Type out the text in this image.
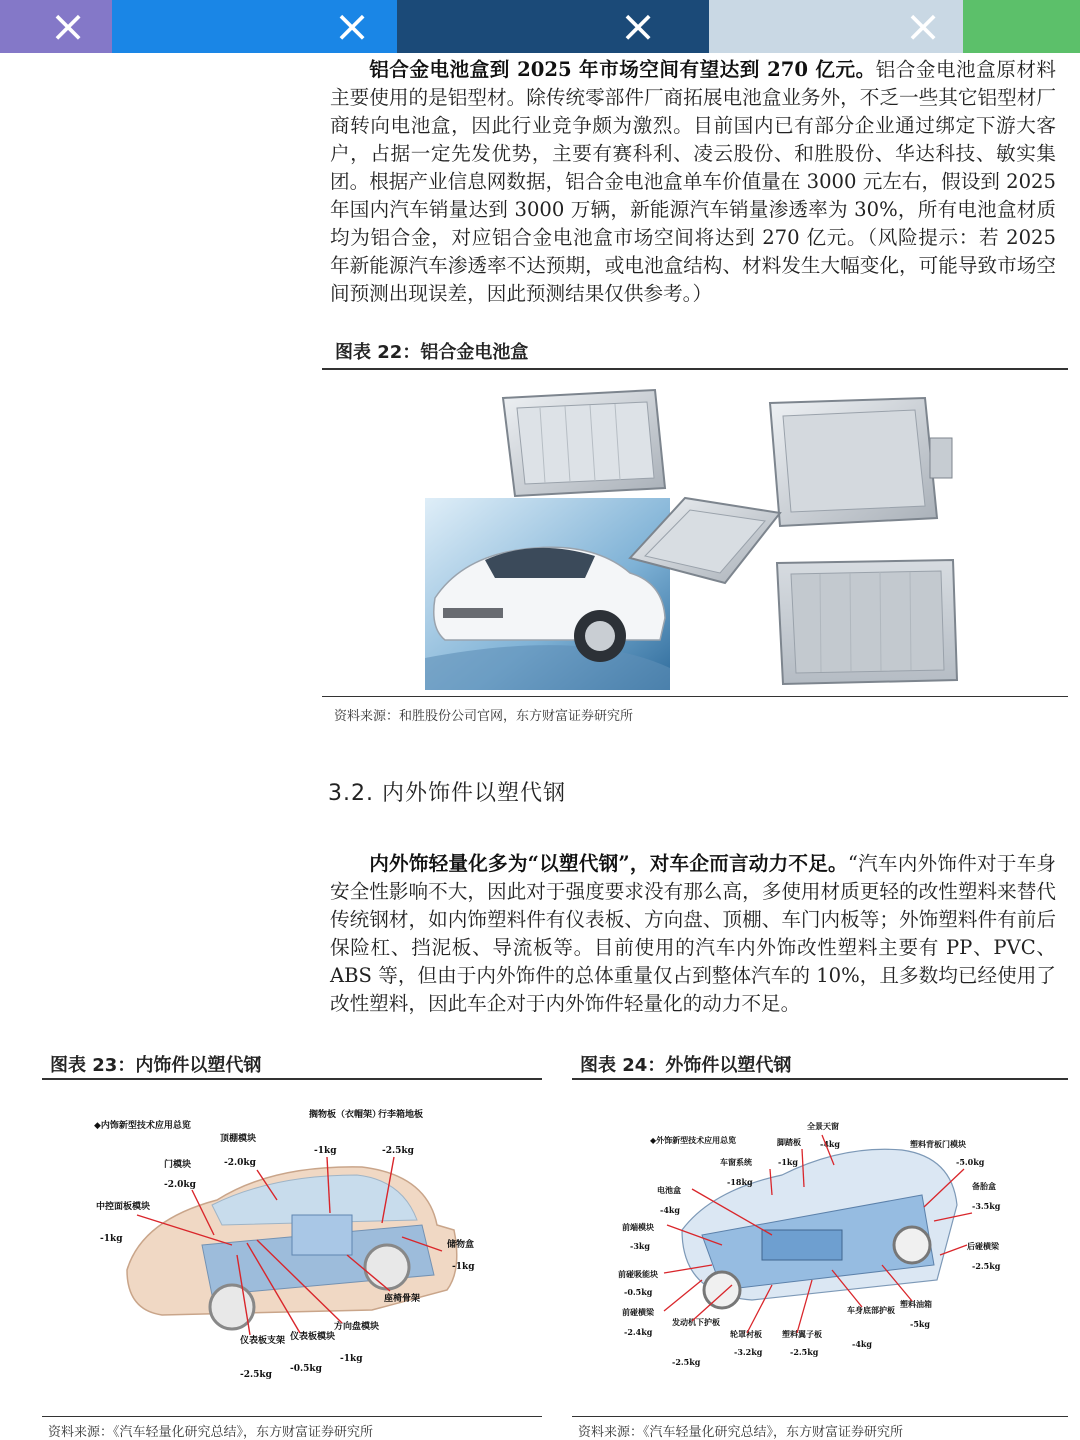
×	×	×	×

铝合金电池盒到 2025 年市场空间有望达到 270 亿元。铝合金电池盒原材料主要使用的是铝型材。除传统零部件厂商拓展电池盒业务外，不乏一些其它铝型材厂商转向电池盒，因此行业竞争颇为激烈。目前国内已有部分企业通过绑定下游大客户，占据一定先发优势，主要有赛科利、凌云股份、和胜股份、华达科技、敏实集团。根据产业信息网数据，铝合金电池盒单车价值量在 3000 元左右，假设到 2025 年国内汽车销量达到 3000 万辆，新能源汽车销量渗透率为 30%，所有电池盒材质均为铝合金，对应铝合金电池盒市场空间将达到 270 亿元。（风险提示：若 2025 年新能源汽车渗透率不达预期，或电池盒结构、材料发生大幅变化，可能导致市场空间预测出现误差，因此预测结果仅供参考。）

图表 22：铝合金电池盒
资料来源：和胜股份公司官网，东方财富证券研究所
3.2. 内外饰件以塑代钢

内外饰轻量化多为“以塑代钢”，对车企而言动力不足。“汽车内外饰件对于车身安全性影响不大，因此对于强度要求没有那么高，多使用材质更轻的改性塑料来替代传统钢材，如内饰塑料件有仪表板、方向盘、顶棚、车门内板等；外饰塑料件有前后保险杠、挡泥板、导流板等。目前使用的汽车内外饰改性塑料主要有 PP、PVC、ABS 等，但由于内外饰件的总体重量仅占到整体汽车的 10%，且多数均已经使用了改性塑料，因此车企对于内外饰件轻量化的动力不足。

图表 23：内饰件以塑代钢
◆内饰新型技术应用总览
顶棚模块
-2.0kg
搁物板（衣帽架）
-1kg
行李箱地板
-2.5kg
门模块
-2.0kg
中控面板模块
-1kg
储物盒
-1kg
座椅骨架
方向盘模块
-1kg
仪表板模块
-0.5kg
仪表板支架
-2.5kg
资料来源：《汽车轻量化研究总结》，东方财富证券研究所
图表 24：外饰件以塑代钢
◆外饰新型技术应用总览
全景天窗
脚踏板 -4kg	塑料背板门模块
-5.0kg
车窗系统	-1kg
电池盒
-18kg	备胎盒
-3.5kg
前端模块
-4kg
后碰横梁
-3kg
前碰吸能块
-2.5kg
前碰横梁
-0.5kg
塑料油箱
-5kg
车身底部护板
-4kg
发动机下护板
-2.4kg	轮罩衬板
-3.2kg
塑料翼子板
-2.5kg
-2.5kg
资料来源：《汽车轻量化研究总结》，东方财富证券研究所
